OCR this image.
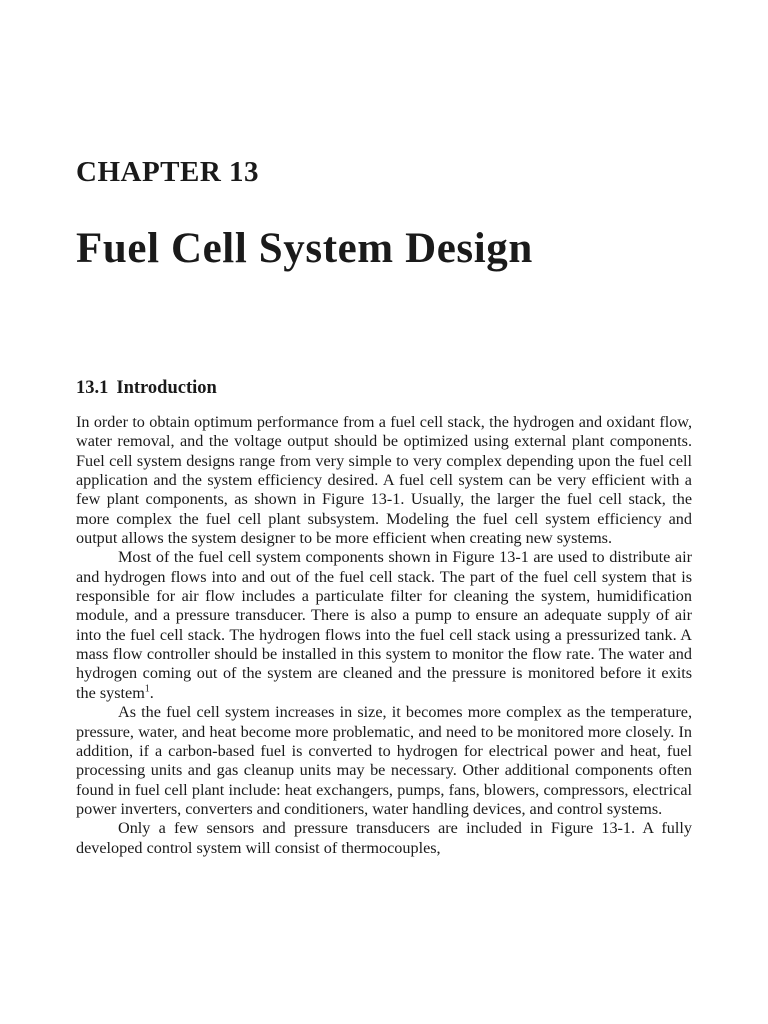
CHAPTER 13
Fuel Cell System Design
13.1 Introduction

In order to obtain optimum performance from a fuel cell stack, the hydrogen and oxidant flow, water removal, and the voltage output should be optimized using external plant components. Fuel cell system designs range from very simple to very complex depending upon the fuel cell application and the system efficiency desired. A fuel cell system can be very efficient with a few plant components, as shown in Figure 13-1. Usually, the larger the fuel cell stack, the more complex the fuel cell plant subsystem. Modeling the fuel cell system efficiency and output allows the system designer to be more efficient when creating new systems.

Most of the fuel cell system components shown in Figure 13-1 are used to distribute air and hydrogen flows into and out of the fuel cell stack. The part of the fuel cell system that is responsible for air flow includes a particulate filter for cleaning the system, humidification module, and a pressure transducer. There is also a pump to ensure an adequate supply of air into the fuel cell stack. The hydrogen flows into the fuel cell stack using a pressurized tank. A mass flow controller should be installed in this system to monitor the flow rate. The water and hydrogen coming out of the system are cleaned and the pressure is monitored before it exits the system$^1$.

As the fuel cell system increases in size, it becomes more complex as the temperature, pressure, water, and heat become more problematic, and need to be monitored more closely. In addition, if a carbon-based fuel is converted to hydrogen for electrical power and heat, fuel processing units and gas cleanup units may be necessary. Other additional components often found in fuel cell plant include: heat exchangers, pumps, fans, blowers, compressors, electrical power inverters, converters and conditioners, water handling devices, and control systems.

Only a few sensors and pressure transducers are included in Figure 13-1. A fully developed control system will consist of thermocouples,
